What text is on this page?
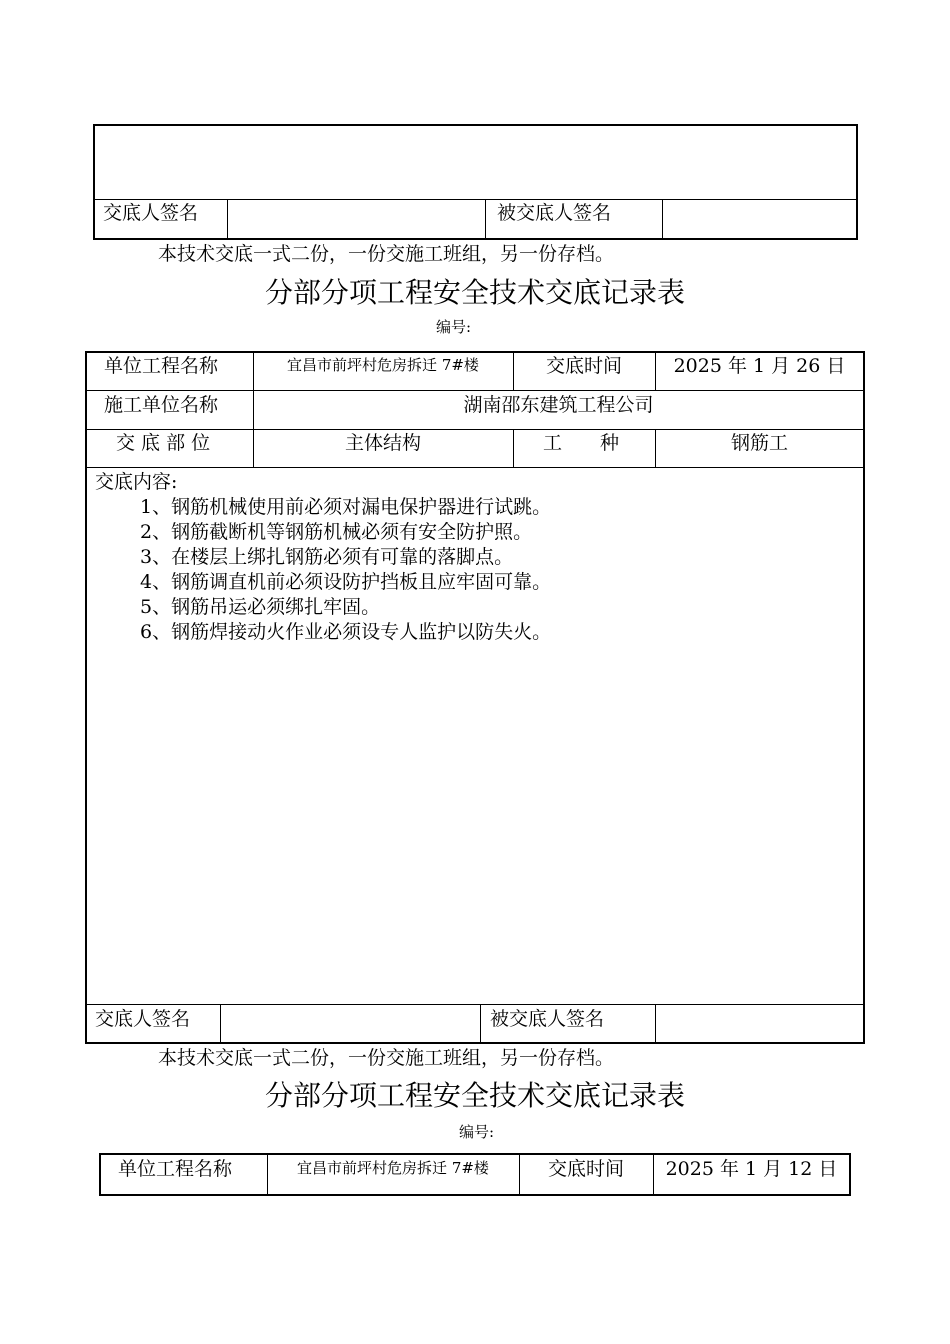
交底人签名	被交底人签名
本技术交底一式二份，一份交施工班组，另一份存档。
分部分项工程安全技术交底记录表
编号:
单位工程名称	宜昌市前坪村危房拆迁 7#楼	交底时间	2025 年 1 月 26 日
施工单位名称	湖南邵东建筑工程公司
交 底 部 位	主体结构	工　　种	钢筋工
交底内容:
1、钢筋机械使用前必须对漏电保护器进行试跳。
2、钢筋截断机等钢筋机械必须有安全防护照。
3、在楼层上绑扎钢筋必须有可靠的落脚点。
4、钢筋调直机前必须设防护挡板且应牢固可靠。
5、钢筋吊运必须绑扎牢固。
6、钢筋焊接动火作业必须设专人监护以防失火。
交底人签名	被交底人签名
本技术交底一式二份，一份交施工班组，另一份存档。
分部分项工程安全技术交底记录表
编号:
单位工程名称	宜昌市前坪村危房拆迁 7#楼	交底时间	2025 年 1 月 12 日
